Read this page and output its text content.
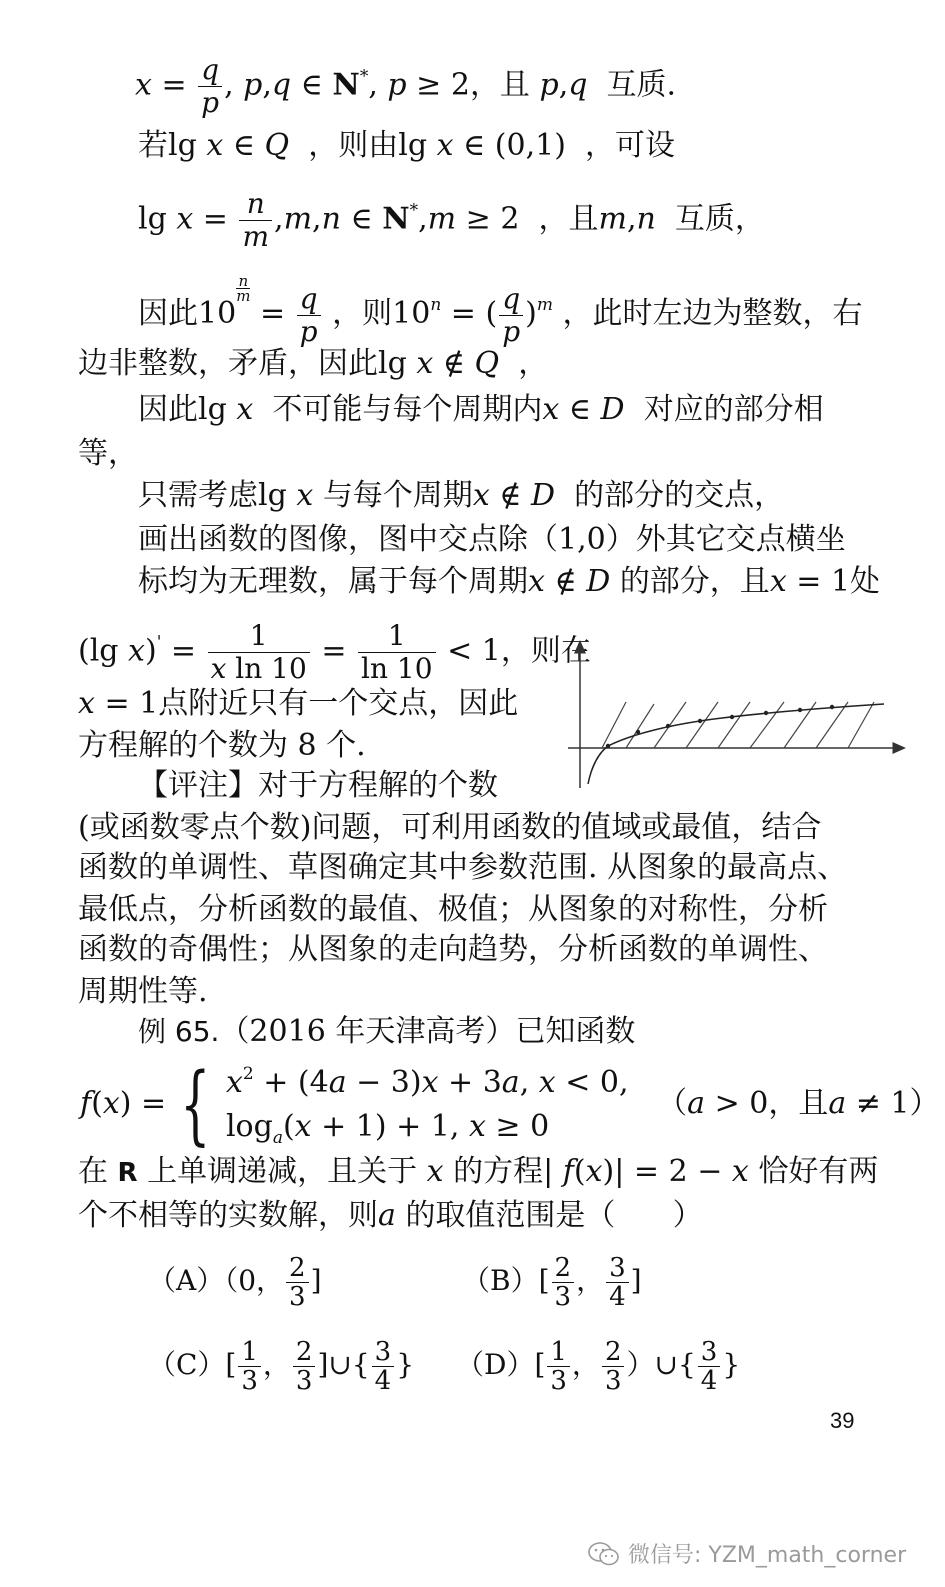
$x = \frac{q}{p}$ , p,q ∈ N*, p ≥ 2，且 p,q 互质.
若lg x ∈ Q ，则由lg x ∈ (0,1)  ，可设
$\lg x = \frac{n}{m} ,m,n$ ∈ N*,m ≥ 2  ，且m,n 互质，
因此10
$\frac{n}{m}$
= $\frac{q}{p}$ ，则$10^n$ = ( $\frac{q}{p} )^m$ ，此时左边为整数，右
边非整数，矛盾，因此lg x ∉ Q ，
因此lg x 不可能与每个周期内x ∈ D 对应的部分相
等，
只需考虑lg x 与每个周期x ∉ D 的部分的交点，
画出函数的图像，图中交点除（1,0）外其它交点横坐
标均为无理数，属于每个周期x ∉ D 的部分，且x = 1处
(lg $x)' = \frac{1}{\text{x ln 10}} = \frac{1}{\ln 10} < 1$，则在
x = 1点附近只有一个交点，因此
方程解的个数为 8 个.
【评注】对于方程解的个数
(或函数零点个数)问题，可利用函数的值域或最值，结合
函数的单调性、草图确定其中参数范围. 从图象的最高点、
最低点，分析函数的最值、极值；从图象的对称性，分析
函数的奇偶性；从图象的走向趋势，分析函数的单调性、
周期性等.
例 65.（2016 年天津高考）已知函数
f(x) = { $x^2 + (4a - 3)x + 3a$, x < 0,
$\log_a(x + 1) + 1$, x ≥ 0
（a > 0，且a ≠ 1）
在 R 上单调递减，且关于 x 的方程| f(x)| = 2 − x 恰好有两
个不相等的实数解，则a 的取值范围是（ ）
（A）（0， $\frac{2}{3}$ ]	$(B)[ \frac{2}{3}$ ， $\frac{3}{4}$ ]
$(C)[ \frac{1}{3}$ ， $\frac{2}{3}$ ]∪{ $\frac{3}{4}$ } $(D)[ \frac{1}{3}$ ， $\frac{2}{3}$ ）∪{ $\frac{3}{4}$ }
39
微信号: YZM_math_corner
